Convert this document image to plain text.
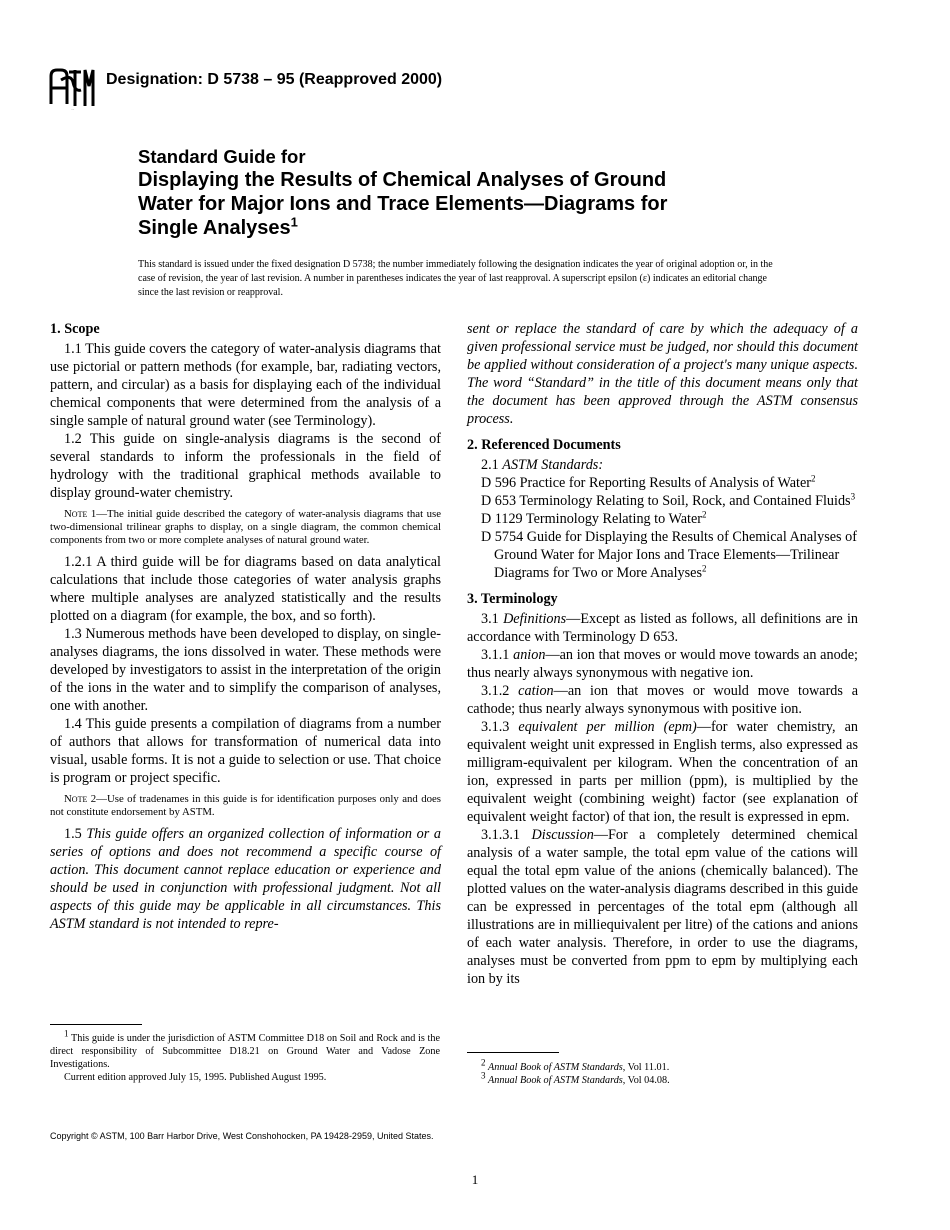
ASTM
Designation: D 5738 – 95 (Reapproved 2000)
Standard Guide for
Displaying the Results of Chemical Analyses of Ground
Water for Major Ions and Trace Elements—Diagrams for
Single Analyses$^1$
This standard is issued under the fixed designation D 5738; the number immediately following the designation indicates the year of original adoption or, in the case of revision, the year of last revision. A number in parentheses indicates the year of last reapproval. A superscript epsilon (ε) indicates an editorial change since the last revision or reapproval.
1. Scope

1.1 This guide covers the category of water-analysis diagrams that use pictorial or pattern methods (for example, bar, radiating vectors, pattern, and circular) as a basis for displaying each of the individual chemical components that were determined from the analysis of a single sample of natural ground water (see Terminology).

1.2 This guide on single-analysis diagrams is the second of several standards to inform the professionals in the field of hydrology with the traditional graphical methods available to display ground-water chemistry.

Note 1—The initial guide described the category of water-analysis diagrams that use two-dimensional trilinear graphs to display, on a single diagram, the common chemical components from two or more complete analyses of natural ground water.

1.2.1 A third guide will be for diagrams based on data analytical calculations that include those categories of water analysis graphs where multiple analyses are analyzed statistically and the results plotted on a diagram (for example, the box, and so forth).

1.3 Numerous methods have been developed to display, on single-analyses diagrams, the ions dissolved in water. These methods were developed by investigators to assist in the interpretation of the origin of the ions in the water and to simplify the comparison of analyses, one with another.

1.4 This guide presents a compilation of diagrams from a number of authors that allows for transformation of numerical data into visual, usable forms. It is not a guide to selection or use. That choice is program or project specific.

Note 2—Use of tradenames in this guide is for identification purposes only and does not constitute endorsement by ASTM.

1.5 This guide offers an organized collection of information or a series of options and does not recommend a specific course of action. This document cannot replace education or experience and should be used in conjunction with professional judgment. Not all aspects of this guide may be applicable in all circumstances. This ASTM standard is not intended to repre-

$^1$ This guide is under the jurisdiction of ASTM Committee D18 on Soil and Rock and is the direct responsibility of Subcommittee D18.21 on Ground Water and Vadose Zone Investigations.

Current edition approved July 15, 1995. Published August 1995.

sent or replace the standard of care by which the adequacy of a given professional service must be judged, nor should this document be applied without consideration of a project's many unique aspects. The word “Standard” in the title of this document means only that the document has been approved through the ASTM consensus process.

2. Referenced Documents

2.1 ASTM Standards:

D 596 Practice for Reporting Results of Analysis of Water$^2$

D 653 Terminology Relating to Soil, Rock, and Contained Fluids$^3$

D 1129 Terminology Relating to Water$^2$

D 5754 Guide for Displaying the Results of Chemical Analyses of Ground Water for Major Ions and Trace Elements—Trilinear Diagrams for Two or More Analyses$^2$

3. Terminology

3.1 Definitions—Except as listed as follows, all definitions are in accordance with Terminology D 653.

3.1.1 anion—an ion that moves or would move towards an anode; thus nearly always synonymous with negative ion.

3.1.2 cation—an ion that moves or would move towards a cathode; thus nearly always synonymous with positive ion.

3.1.3 equivalent per million (epm)—for water chemistry, an equivalent weight unit expressed in English terms, also expressed as milligram-equivalent per kilogram. When the concentration of an ion, expressed in parts per million (ppm), is multiplied by the equivalent weight (combining weight) factor (see explanation of equivalent weight factor) of that ion, the result is expressed in epm.

3.1.3.1 Discussion—For a completely determined chemical analysis of a water sample, the total epm value of the cations will equal the total epm value of the anions (chemically balanced). The plotted values on the water-analysis diagrams described in this guide can be expressed in percentages of the total epm (although all illustrations are in milliequivalent per litre) of the cations and anions of each water analysis. Therefore, in order to use the diagrams, analyses must be converted from ppm to epm by multiplying each ion by its

$^2$ Annual Book of ASTM Standards, Vol 11.01.

$^3$ Annual Book of ASTM Standards, Vol 04.08.

Copyright © ASTM, 100 Barr Harbor Drive, West Conshohocken, PA 19428-2959, United States.
1
